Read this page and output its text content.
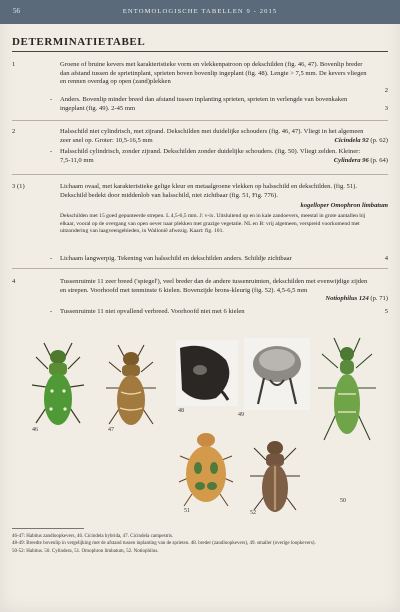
56	ENTOMOLOGISCHE TABELLEN 9 - 2015
DETERMINATIETABEL
1	Groene of bruine kevers met karakteristieke vorm en vlekkenpatroon op dekschilden (fig. 46, 47). Bovenlip breder dan afstand tussen de sprietinplant, sprieten boven bovenlip ingeplant (fig. 48). Lengte > 7,5 mm. De kevers vliegen en rennen overdag op open (zand)plekken
2
- Anders. Bovenlip minder breed dan afstand tussen inplanting sprieten, sprieten in verlengde van bovenkaken ingeplant (fig. 49). 2-45 mm	3
2	Halsschild niet cylindrisch, met zijrand. Dekschilden met duidelijke schouders (fig. 46, 47). Vliegt in het algemeen zeer snel op. Groter: 10,5-16,5 mm	Cicindela 92 (p. 62)
- Halsschild cylindrisch, zonder zijrand. Dekschilden zonder duidelijke schouders. (fig. 50). Vliegt zelden. Kleiner: 7,5-11,0 mm	Cylindera 96 (p. 64)
3 (1)	Lichaam ovaal, met karakteristieke gelige kleur en metaalgroene vlekken op halsschild en dekschilden. (fig. 51). Dekschild bedekt door middenlob van halsschild, niet zichtbaar (fig. 51, Fig. 776).
kogelloper Omophron limbatum
Dekschilden met 15 goed gepunteerde strepen. L 4,5-6,5 mm. J: v-ix. Uitsluitend op en in kale zandoevers, meestal in grote aantallen bij elkaar, vooral op de overgang van open oever naar plekken met grazige vegetatie. NL en B: vrij algemeen, verspreid voorkomend met uitzondering van laagveengebieden, in Wallonië afwezig. Kaart: fig. 101.
- Lichaam langwerpig. Tekening van halsschild en dekschilden anders. Schildje zichtbaar	4
4	Tussenruimte 11 zeer breed ('spiegel'), veel breder dan de andere tussenruimten, dekschilden met evenwijdige zijden en strepen. Voorhoofd met tenminste 6 kielen. Bovenzijde brons-kleurig (fig. 52). 4,5-6,5 mm
Notiophilus 124 (p. 71)
- Tussenruimte 11 niet opvallend verbreed. Voorhoofd niet met 6 kielen	5
46	47
48
49
50
51	52
46-47: Habitus zandloopkevers, 46. Cicindela hybrida, 47. Cicindela campestris.
48-49: Breedte bovenlip in vergelijking met de afstand tussen inplanting van de sprieten. 48. breder (zandloopkevers), 49. smaller (overige loopkevers).
50-52: Habitus. 50. Cylindera, 51. Omophron limbatum, 52. Notiophilus.
